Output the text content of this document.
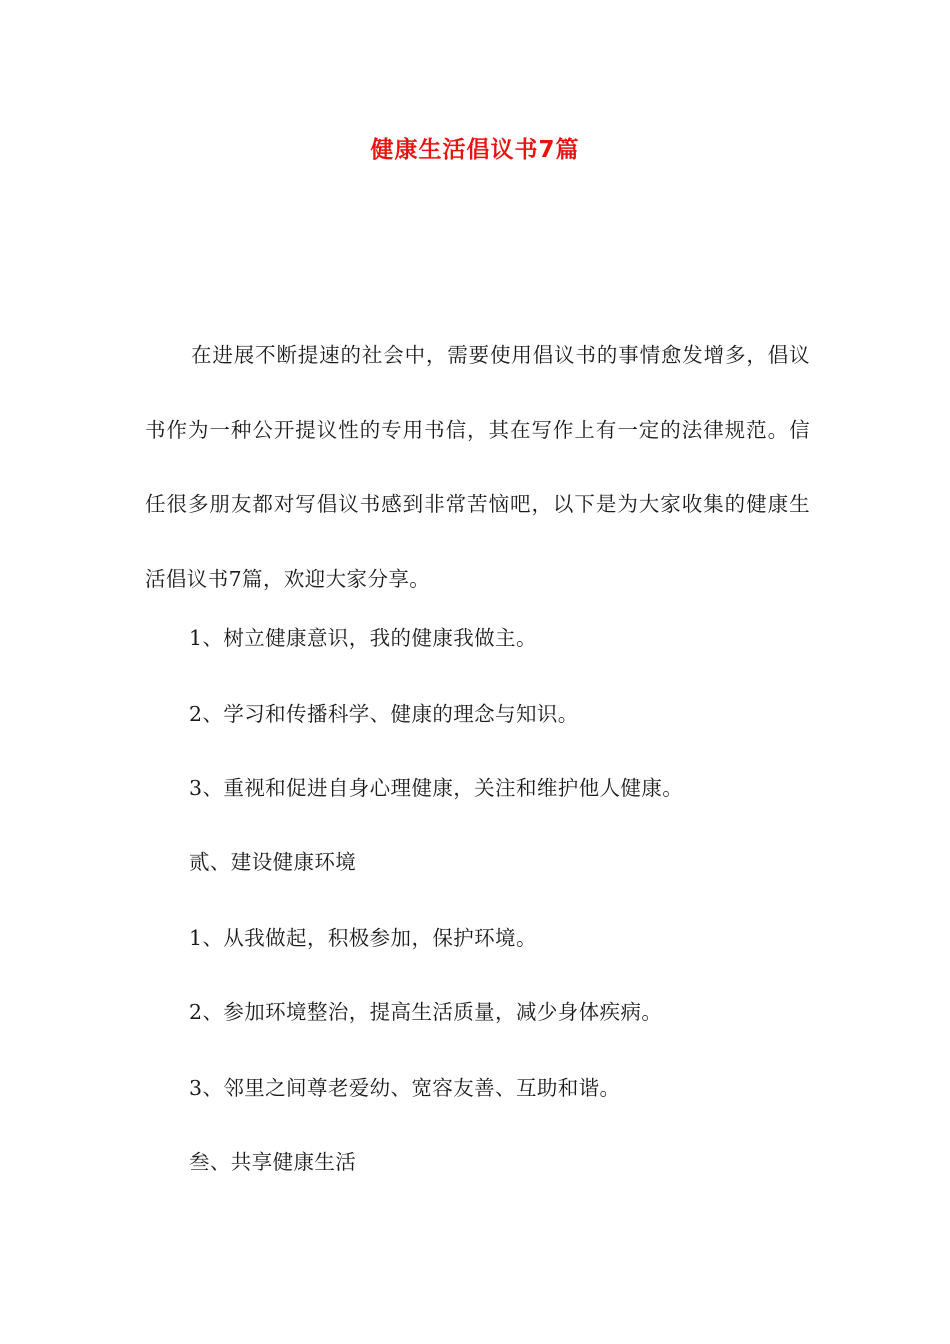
健康生活倡议书7篇

在进展不断提速的社会中，需要使用倡议书的事情愈发增多，倡议书作为一种公开提议性的专用书信，其在写作上有一定的法律规范。信任很多朋友都对写倡议书感到非常苦恼吧，以下是为大家收集的健康生活倡议书7篇，欢迎大家分享。

1、树立健康意识，我的健康我做主。

2、学习和传播科学、健康的理念与知识。

3、重视和促进自身心理健康，关注和维护他人健康。

贰、建设健康环境

1、从我做起，积极参加，保护环境。

2、参加环境整治，提高生活质量，减少身体疾病。

3、邻里之间尊老爱幼、宽容友善、互助和谐。

叁、共享健康生活
